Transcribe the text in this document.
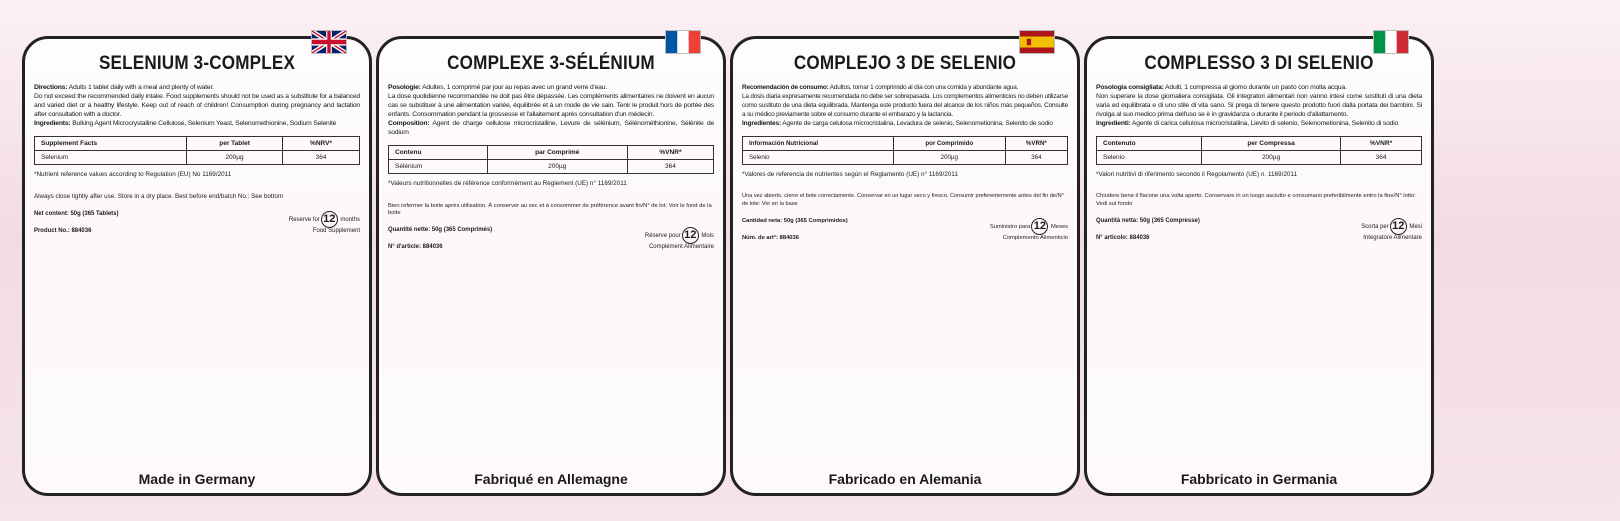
SELENIUM 3-COMPLEX
Directions: Adults 1 tablet daily with a meal and plenty of water.
Do not exceed the recommended daily intake. Food supplements should not be used as a substitute for a balanced and varied diet or a healthy lifestyle. Keep out of reach of children! Consumption during pregnancy and lactation after consultation with a doctor.
Ingredients: Bulking Agent Microcrystalline Cellulose, Selenium Yeast, Selenomethionine, Sodium Selenite
Supplement Facts	per Tablet	%NRV*
Selenium	200µg	364
*Nutrient reference values according to Regulation (EU) No 1169/2011
Always close tightly after use. Store in a dry place. Best before end/batch No.: See bottom
Net content: 50g (365 Tablets)
Product No.: 884036
Reserve for 12 months
Food Supplement
Made in Germany
COMPLEXE 3-SÉLÉNIUM
Posologie: Adultes, 1 comprimé par jour au repas avec un grand verre d'eau.
La dose quotidienne recommandée ne doit pas être dépassée. Les compléments alimentaires ne doivent en aucun cas se substituer à une alimentation variée, équilibrée et à un mode de vie sain. Tenir le produit hors de portée des enfants. Consommation pendant la grossesse et l'allaitement après consultation d'un médecin.
Composition: Agent de charge cellulose microcristalline, Levure de sélénium, Sélénométhionine, Sélénite de sodium
Contenu	par Comprimé	%VNR*
Sélénium	200µg	364
*Valeurs nutritionnelles de référence conformément au Règlement (UE) n° 1169/2011
Bien refermer la boite après utilisation. À conserver au sec et à consommer de préférence avant fin/N° de lot: Voir le fond de la boite
Quantité nette: 50g (365 Comprimés)
N° d'article: 884036
Réserve pour 12 Mois
Complément Alimentaire
Fabriqué en Allemagne
COMPLEJO 3 DE SELENIO
Recomendación de consumo: Adultos, tomar 1 comprimido al día con una comida y abundante agua.
La dosis diaria expresamente recomendada no debe ser sobrepasada. Los complementos alimenticios no deben utilizarse como sustituto de una dieta equilibrada. Mantenga este producto fuera del alcance de los niños más pequeños. Consulte a su médico previamente sobre el consumo durante el embarazo y la lactancia.
Ingredientes: Agente de carga celulosa microcristalina, Levadura de selenio, Selenometionina, Selenito de sodio
Información Nutricional	por Comprimido	%VRN*
Selenio	200µg	364
*Valores de referencia de nutrientes según el Reglamento (UE) n° 1169/2011
Una vez abierto, cierre el bote correctamente. Conservar en un lugar seco y fresco. Consumir preferentemente antes del fin de/N° de lote: Ver en la base
Cantidad neta: 50g (365 Comprimidos)
Núm. de art°: 884036
Suministro para 12 Meses
Complemento Alimenticio
Fabricado en Alemania
COMPLESSO 3 DI SELENIO
Posologia consigliata: Adulti, 1 compressa al giorno durante un pasto con molta acqua.
Non superare la dose giornaliera consigliata. Gli integratori alimentari non vanno intesi come sostituti di una dieta varia ed equilibrata e di uno stile di vita sano. Si prega di tenere questo prodotto fuori dalla portata dei bambini. Si rivolga al suo medico prima dell'uso se è in gravidanza o durante il periodo d'allattamento.
Ingredienti: Agente di carica cellulosa microcristallina, Lievito di selenio, Selenometionina, Selenito di sodio
Contenuto	per Compressa	%VNR*
Selenio	200µg	364
*Valori nutritivi di riferimento secondo il Regolamento (UE) n. 1169/2011
Chiudere bene il flacone una volta aperto. Conservare in un luogo asciutto e consumarsi preferibilmente entro la fine/N° lotto: Vedi sul fondo
Quantità netta: 50g (365 Compresse)
N° articolo: 884036
Scorta per 12 Mesi
Integratore Alimentare
Fabbricato in Germania
